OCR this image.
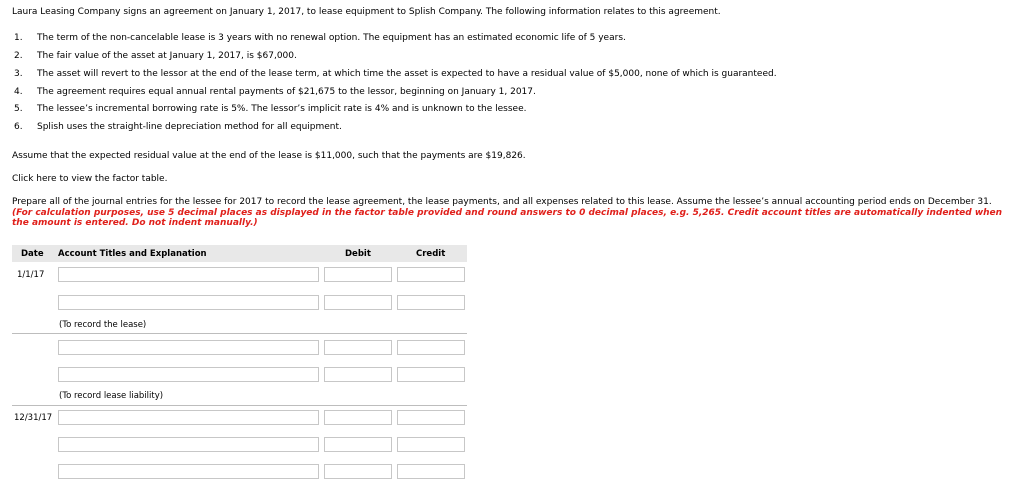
Laura Leasing Company signs an agreement on January 1, 2017, to lease equipment to Splish Company. The following information relates to this agreement.
1. The term of the non-cancelable lease is 3 years with no renewal option. The equipment has an estimated economic life of 5 years.
2. The fair value of the asset at January 1, 2017, is $67,000.
3. The asset will revert to the lessor at the end of the lease term, at which time the asset is expected to have a residual value of $5,000, none of which is guaranteed.
4. The agreement requires equal annual rental payments of $21,675 to the lessor, beginning on January 1, 2017.
5. The lessee’s incremental borrowing rate is 5%. The lessor’s implicit rate is 4% and is unknown to the lessee.
6. Splish uses the straight-line depreciation method for all equipment.
Assume that the expected residual value at the end of the lease is $11,000, such that the payments are $19,826.
Click here to view the factor table.
Prepare all of the journal entries for the lessee for 2017 to record the lease agreement, the lease payments, and all expenses related to this lease. Assume the lessee’s annual accounting period ends on December 31. (For calculation purposes, use 5 decimal places as displayed in the factor table provided and round answers to 0 decimal places, e.g. 5,265. Credit account titles are automatically indented when the amount is entered. Do not indent manually.)
Date Account Titles and Explanation	Debit	Credit
1/1/17
(To record the lease)
(To record lease liability)
12/31/17
